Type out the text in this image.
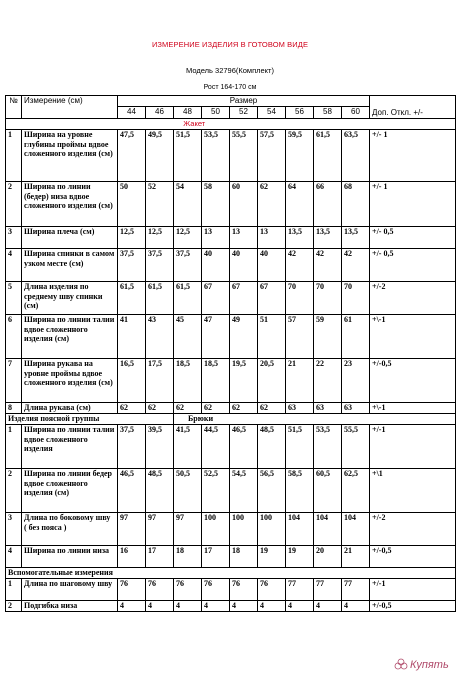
ИЗМЕРЕНИЕ ИЗДЕЛИЯ В ГОТОВОМ ВИДЕ
Модель 32796(Комплект)
Рост 164-170 см
№	Измерение (см)	Размер									Доп. Откл. +/-
		44	46	48	50	52	54	56	58	60	
	Жакет										
1	Ширина на уровне глубины проймы вдвое сложенного изделия (см)	47,5	49,5	51,5	53,5	55,5	57,5	59,5	61,5	63,5	+/- 1
2	Ширина по линии (бедер) низа вдвое сложенного изделия (см)	50	52	54	58	60	62	64	66	68	+/- 1
3	Ширина плеча (см)	12,5	12,5	12,5	13	13	13	13,5	13,5	13,5	+/- 0,5
4	Ширина спинки в самом узком месте (см)	37,5	37,5	37,5	40	40	40	42	42	42	+/- 0,5
5	Длина изделия по среднему шву спинки (см)	61,5	61,5	61,5	67	67	67	70	70	70	+/-2
6	Ширина по линии талии вдвое сложенного изделия (см)	41	43	45	47	49	51	57	59	61	+\-1
7	Ширина рукава на уровне проймы вдвое сложенного изделия (см)	16,5	17,5	18,5	18,5	19,5	20,5	21	22	23	+/-0,5
8	Длина рукава (см)	62	62	62	62	62	62	63	63	63	+\-1
Изделия поясной группы				Брюки							
1	Ширина по линии талии вдвое сложенного изделия	37,5	39,5	41,5	44,5	46,5	48,5	51,5	53,5	55,5	+/-1
2	Ширина по линии бедер вдвое сложенного изделия (см)	46,5	48,5	50,5	52,5	54,5	56,5	58,5	60,5	62,5	+\1
3	Длина по боковому шву ( без пояса )	97	97	97	100	100	100	104	104	104	+/-2
4	Ширина по линии низа	16	17	18	17	18	19	19	20	21	+/-0,5
Вспомогательные измерения											
1	Длина по шаговому шву	76	76	76	76	76	76	77	77	77	+/-1
2	Подгибка низа	4	4	4	4	4	4	4	4	4	+/-0,5
Купять
